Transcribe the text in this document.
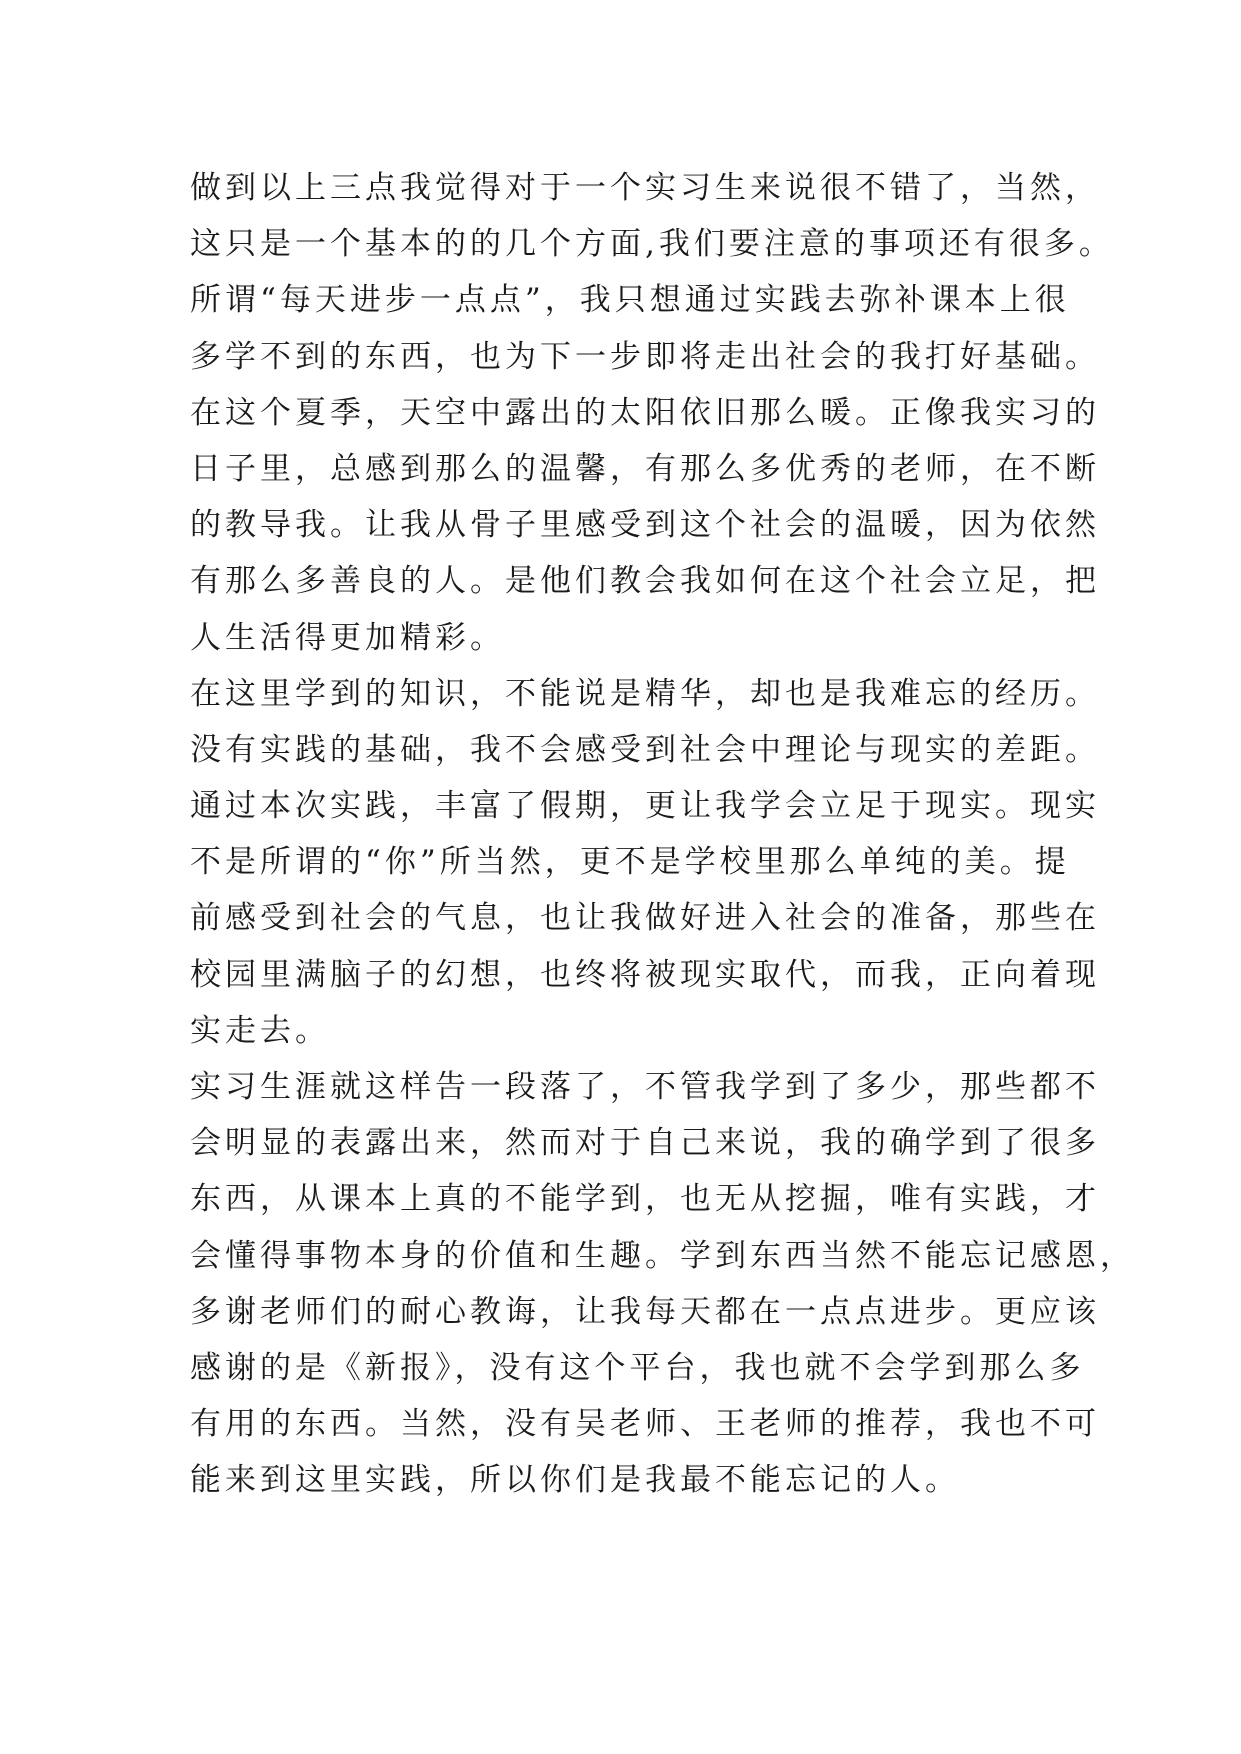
做到以上三点我觉得对于一个实习生来说很不错了，当然，
这只是一个基本的的几个方面,我们要注意的事项还有很多。
所谓“每天进步一点点”，我只想通过实践去弥补课本上很
多学不到的东西，也为下一步即将走出社会的我打好基础。
在这个夏季，天空中露出的太阳依旧那么暖。正像我实习的
日子里，总感到那么的温馨，有那么多优秀的老师，在不断
的教导我。让我从骨子里感受到这个社会的温暖，因为依然
有那么多善良的人。是他们教会我如何在这个社会立足，把
人生活得更加精彩。
在这里学到的知识，不能说是精华，却也是我难忘的经历。
没有实践的基础，我不会感受到社会中理论与现实的差距。
通过本次实践，丰富了假期，更让我学会立足于现实。现实
不是所谓的“你”所当然，更不是学校里那么单纯的美。提
前感受到社会的气息，也让我做好进入社会的准备，那些在
校园里满脑子的幻想，也终将被现实取代，而我，正向着现
实走去。
实习生涯就这样告一段落了，不管我学到了多少，那些都不
会明显的表露出来，然而对于自己来说，我的确学到了很多
东西，从课本上真的不能学到，也无从挖掘，唯有实践，才
会懂得事物本身的价值和生趣。学到东西当然不能忘记感恩，
多谢老师们的耐心教诲，让我每天都在一点点进步。更应该
感谢的是《新报》，没有这个平台，我也就不会学到那么多
有用的东西。当然，没有吴老师、王老师的推荐，我也不可
能来到这里实践，所以你们是我最不能忘记的人。
